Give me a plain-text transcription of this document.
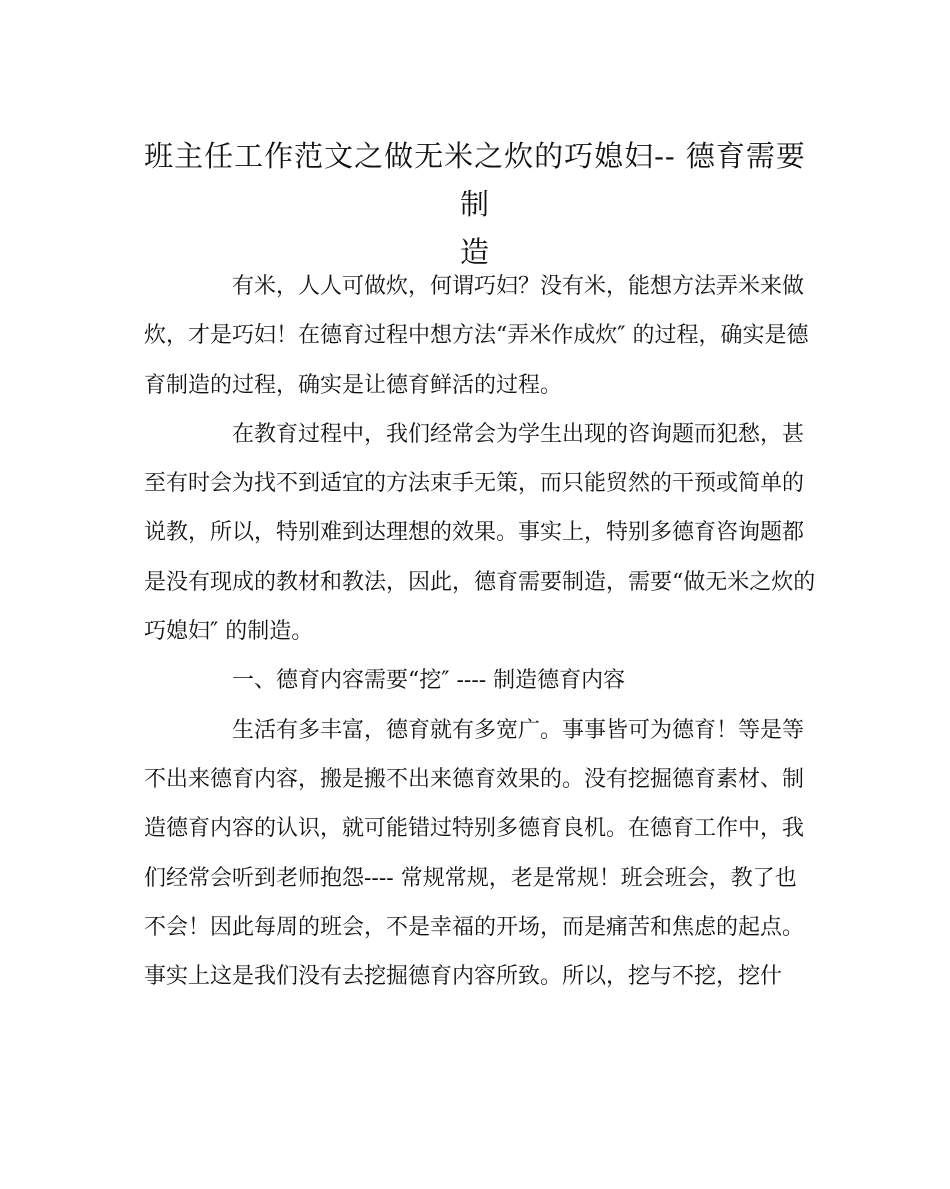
班主任工作范文之做无米之炊的巧媳妇-- 德育需要制
造

有米，人人可做炊，何谓巧妇？没有米，能想方法弄米来做
炊，才是巧妇！在德育过程中想方法“弄米作成炊″ 的过程，确实是德
育制造的过程，确实是让德育鲜活的过程。

在教育过程中，我们经常会为学生出现的咨询题而犯愁，甚
至有时会为找不到适宜的方法束手无策，而只能贸然的干预或简单的
说教，所以，特别难到达理想的效果。事实上，特别多德育咨询题都
是没有现成的教材和教法，因此，德育需要制造，需要“做无米之炊的
巧媳妇″ 的制造。

一、德育内容需要“挖″ ---- 制造德育内容

生活有多丰富，德育就有多宽广。事事皆可为德育！等是等
不出来德育内容，搬是搬不出来德育效果的。没有挖掘德育素材、制
造德育内容的认识，就可能错过特别多德育良机。在德育工作中，我
们经常会听到老师抱怨---- 常规常规，老是常规！班会班会，教了也
不会！因此每周的班会，不是幸福的开场，而是痛苦和焦虑的起点。
事实上这是我们没有去挖掘德育内容所致。所以，挖与不挖，挖什
